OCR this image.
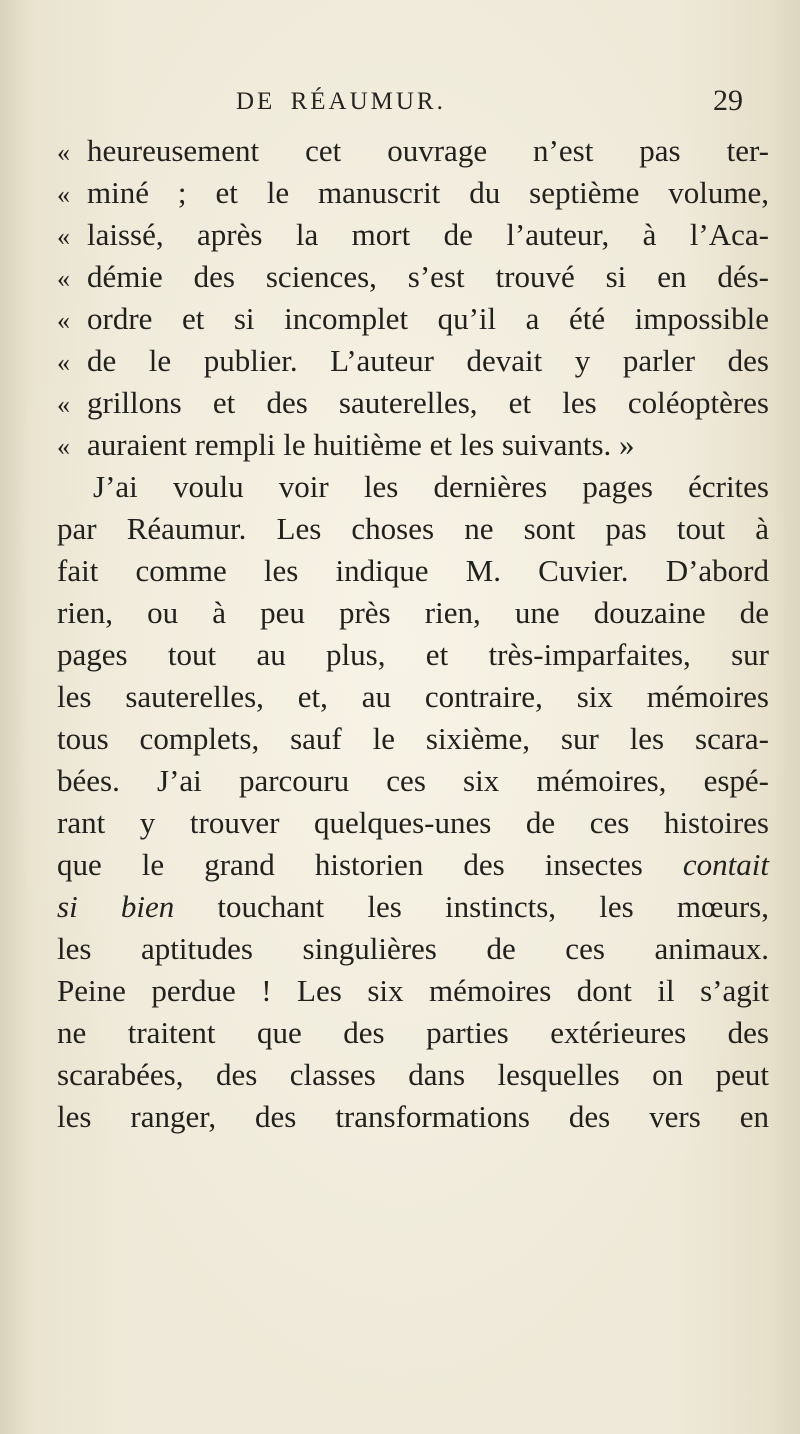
DE RÉAUMUR.	29
« heureusement cet ouvrage n’est pas ter-
« miné ; et le manuscrit du septième volume,
« laissé, après la mort de l’auteur, à l’Aca-
« démie des sciences, s’est trouvé si en dés-
« ordre et si incomplet qu’il a été impossible
« de le publier. L’auteur devait y parler des
« grillons et des sauterelles, et les coléoptères
« auraient rempli le huitième et les suivants. »
J’ai voulu voir les dernières pages écrites
par Réaumur. Les choses ne sont pas tout à
fait comme les indique M. Cuvier. D’abord
rien, ou à peu près rien, une douzaine de
pages tout au plus, et très-imparfaites, sur
les sauterelles, et, au contraire, six mémoires
tous complets, sauf le sixième, sur les scara-
bées. J’ai parcouru ces six mémoires, espé-
rant y trouver quelques-unes de ces histoires
que le grand historien des insectes contait
si bien touchant les instincts, les mœurs,
les aptitudes singulières de ces animaux.
Peine perdue ! Les six mémoires dont il s’agit
ne traitent que des parties extérieures des
scarabées, des classes dans lesquelles on peut
les ranger, des transformations des vers en
